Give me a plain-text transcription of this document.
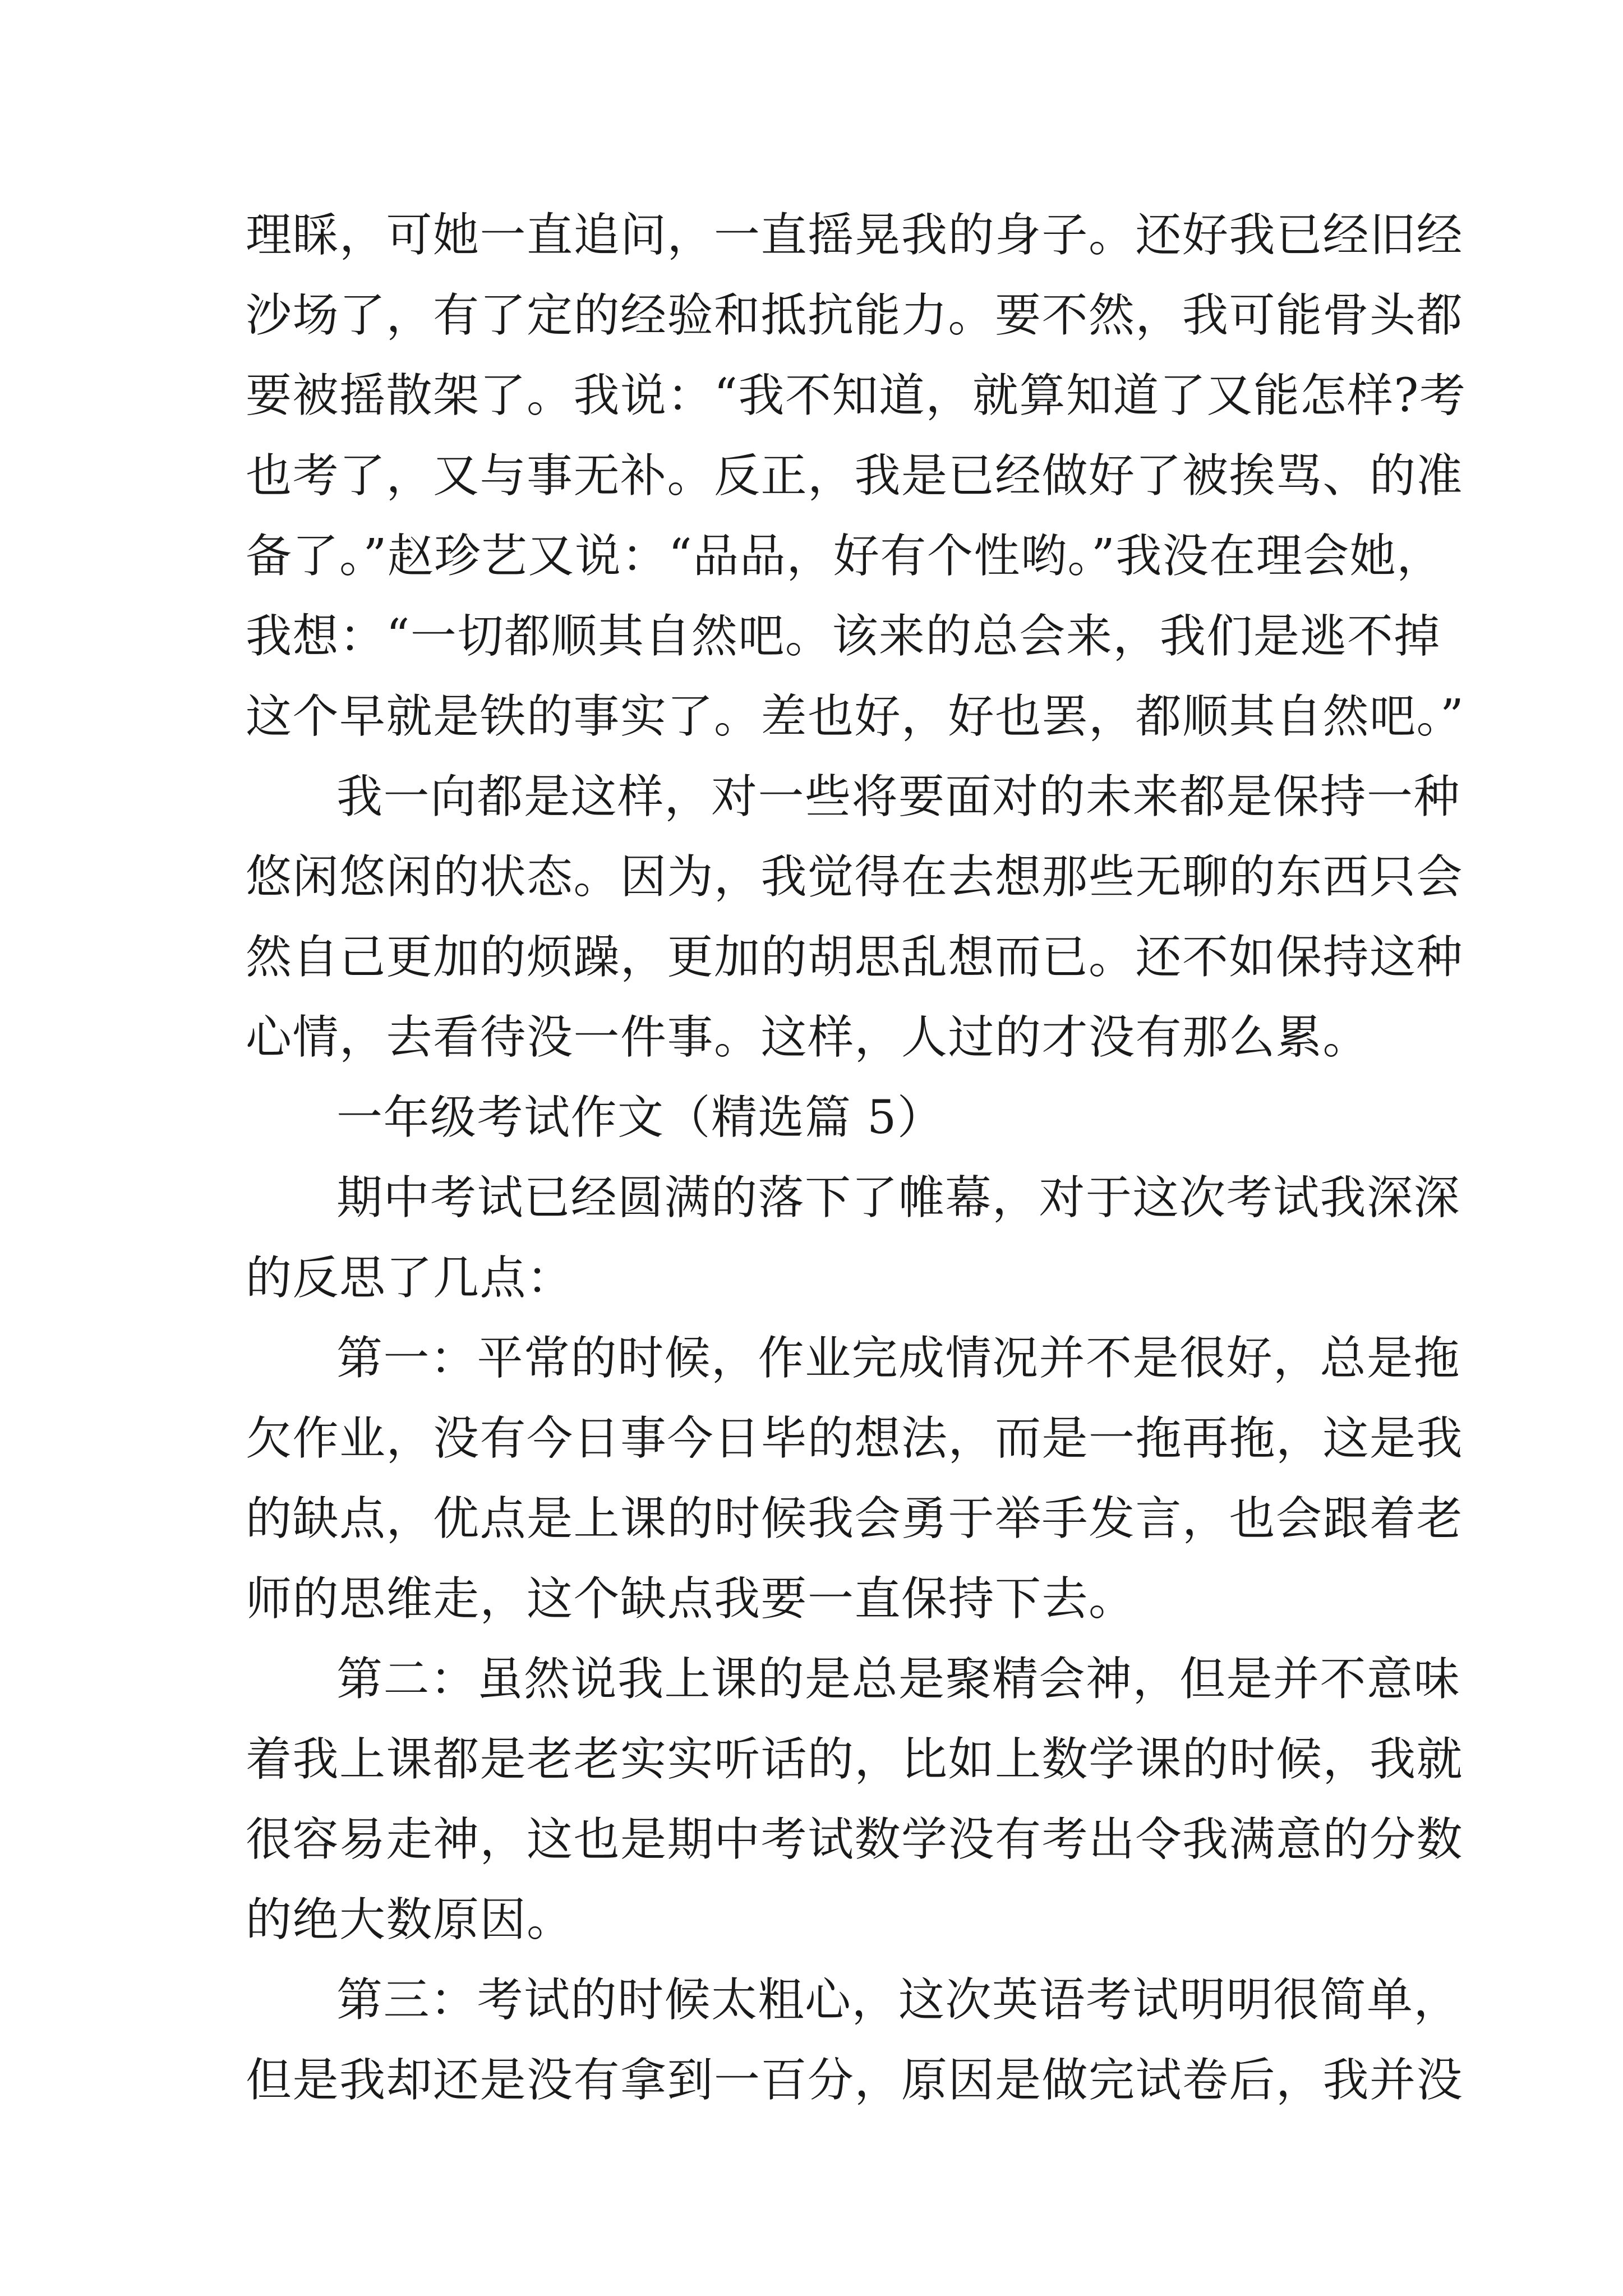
理睬，可她一直追问，一直摇晃我的身子。还好我已经旧经

沙场了，有了定的经验和抵抗能力。要不然，我可能骨头都

要被摇散架了。我说：“我不知道，就算知道了又能怎样?考

也考了，又与事无补。反正，我是已经做好了被挨骂、的准

备了。”赵珍艺又说：“品品，好有个性哟。”我没在理会她，

我想：“一切都顺其自然吧。该来的总会来，我们是逃不掉

这个早就是铁的事实了。差也好，好也罢，都顺其自然吧。”

我一向都是这样，对一些将要面对的未来都是保持一种

悠闲悠闲的状态。因为，我觉得在去想那些无聊的东西只会

然自己更加的烦躁，更加的胡思乱想而已。还不如保持这种

心情，去看待没一件事。这样，人过的才没有那么累。

一年级考试作文（精选篇 5）

期中考试已经圆满的落下了帷幕，对于这次考试我深深

的反思了几点：

第一：平常的时候，作业完成情况并不是很好，总是拖

欠作业，没有今日事今日毕的想法，而是一拖再拖，这是我

的缺点，优点是上课的时候我会勇于举手发言，也会跟着老

师的思维走，这个缺点我要一直保持下去。

第二：虽然说我上课的是总是聚精会神，但是并不意味

着我上课都是老老实实听话的，比如上数学课的时候，我就

很容易走神，这也是期中考试数学没有考出令我满意的分数

的绝大数原因。

第三：考试的时候太粗心，这次英语考试明明很简单，

但是我却还是没有拿到一百分，原因是做完试卷后，我并没
